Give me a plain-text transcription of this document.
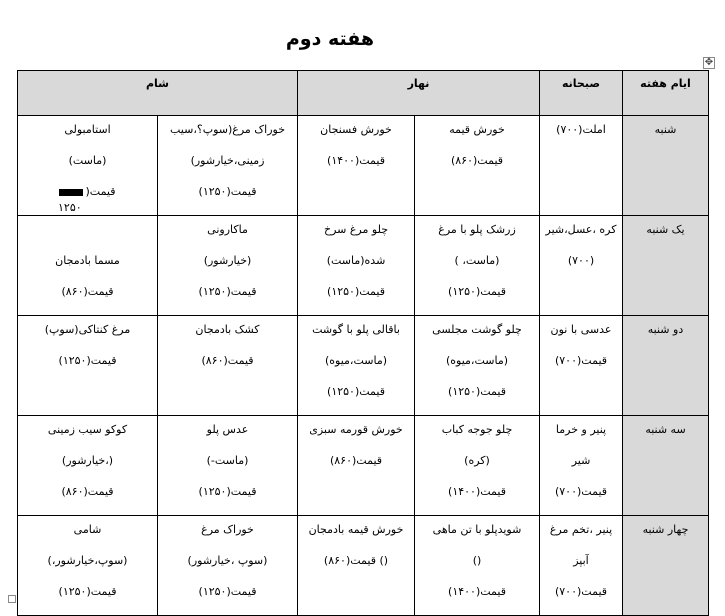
هفته دوم
✥
ایام هفته	صبحانه	نهار		شام	
شنبه	املت(۷۰۰)	خورش قیمه
قیمت(۸۶۰)	خورش فسنجان
قیمت(۱۴۰۰)	خوراک مرغ(سوپ؟،سیب
زمینی،خیارشور)
قیمت(۱۲۵۰)	استامبولی
(ماست)
قیمت(
۱۲۵۰

یک شنبه	کره ،عسل،شیر
(۷۰۰)	زرشک پلو با مرغ
(ماست، )
قیمت(۱۲۵۰)	چلو مرغ سرخ
شده(ماست)
قیمت(۱۲۵۰)	ماکارونی
(خیارشور)
قیمت(۱۲۵۰)	مسما بادمجان
قیمت(۸۶۰)

دو شنبه	عدسی با نون
قیمت(۷۰۰)	چلو گوشت مجلسی
(ماست،میوه)
قیمت(۱۲۵۰)	باقالی پلو با گوشت
(ماست،میوه)
قیمت(۱۲۵۰)	کشک بادمجان
قیمت(۸۶۰)	مرغ کنتاکی(سوپ)
قیمت(۱۲۵۰)

سه شنبه	پنیر و خرما
شیر
قیمت(۷۰۰)	چلو جوجه کباب
(کره)
قیمت(۱۴۰۰)	خورش قورمه سبزی
قیمت(۸۶۰)	عدس پلو
(ماست-)
قیمت(۱۲۵۰)	کوکو سیب زمینی
(،خیارشور)
قیمت(۸۶۰)

چهار شنبه	پنیر ،تخم مرغ
آبپز
قیمت(۷۰۰)	شویدپلو با تن ماهی
()
قیمت(۱۴۰۰)	خورش قیمه بادمجان
() قیمت(۸۶۰)	خوراک مرغ
(سوپ ،خیارشور)
قیمت(۱۲۵۰)	شامی
(سوپ،خیارشور،)
قیمت(۱۲۵۰)
